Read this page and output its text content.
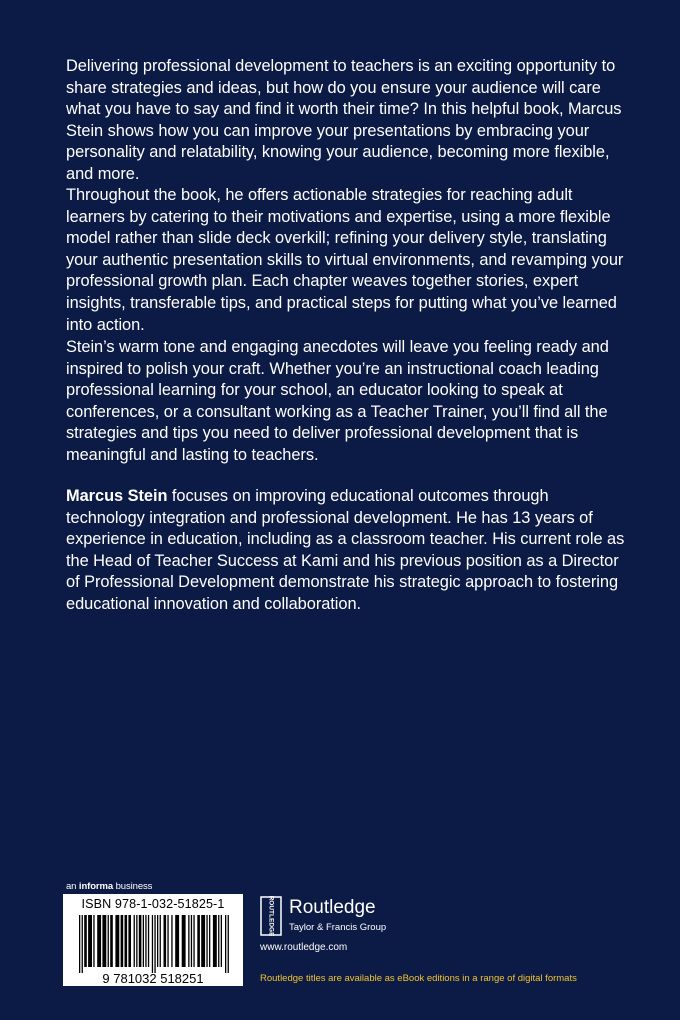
Delivering professional development to teachers is an exciting opportunity to share strategies and ideas, but how do you ensure your audience will care what you have to say and find it worth their time? In this helpful book, Marcus Stein shows how you can improve your presentations by embracing your personality and relatability, knowing your audience, becoming more flexible, and more.

Throughout the book, he offers actionable strategies for reaching adult learners by catering to their motivations and expertise, using a more flexible model rather than slide deck overkill; refining your delivery style, translating your authentic presentation skills to virtual environments, and revamping your professional growth plan. Each chapter weaves together stories, expert insights, transferable tips, and practical steps for putting what you’ve learned into action.

Stein’s warm tone and engaging anecdotes will leave you feeling ready and inspired to polish your craft. Whether you’re an instructional coach leading professional learning for your school, an educator looking to speak at conferences, or a consultant working as a Teacher Trainer, you’ll find all the strategies and tips you need to deliver professional development that is meaningful and lasting to teachers.

Marcus Stein focuses on improving educational outcomes through technology integration and professional development. He has 13 years of experience in education, including as a classroom teacher. His current role as the Head of Teacher Success at Kami and his previous position as a Director of Professional Development demonstrate his strategic approach to fostering educational innovation and collaboration.

an informa business
ISBN 978-1-032-51825-1
9 781032 518251
ROUTLEDGE Routledge
Taylor & Francis Group
www.routledge.com
Routledge titles are available as eBook editions in a range of digital formats
